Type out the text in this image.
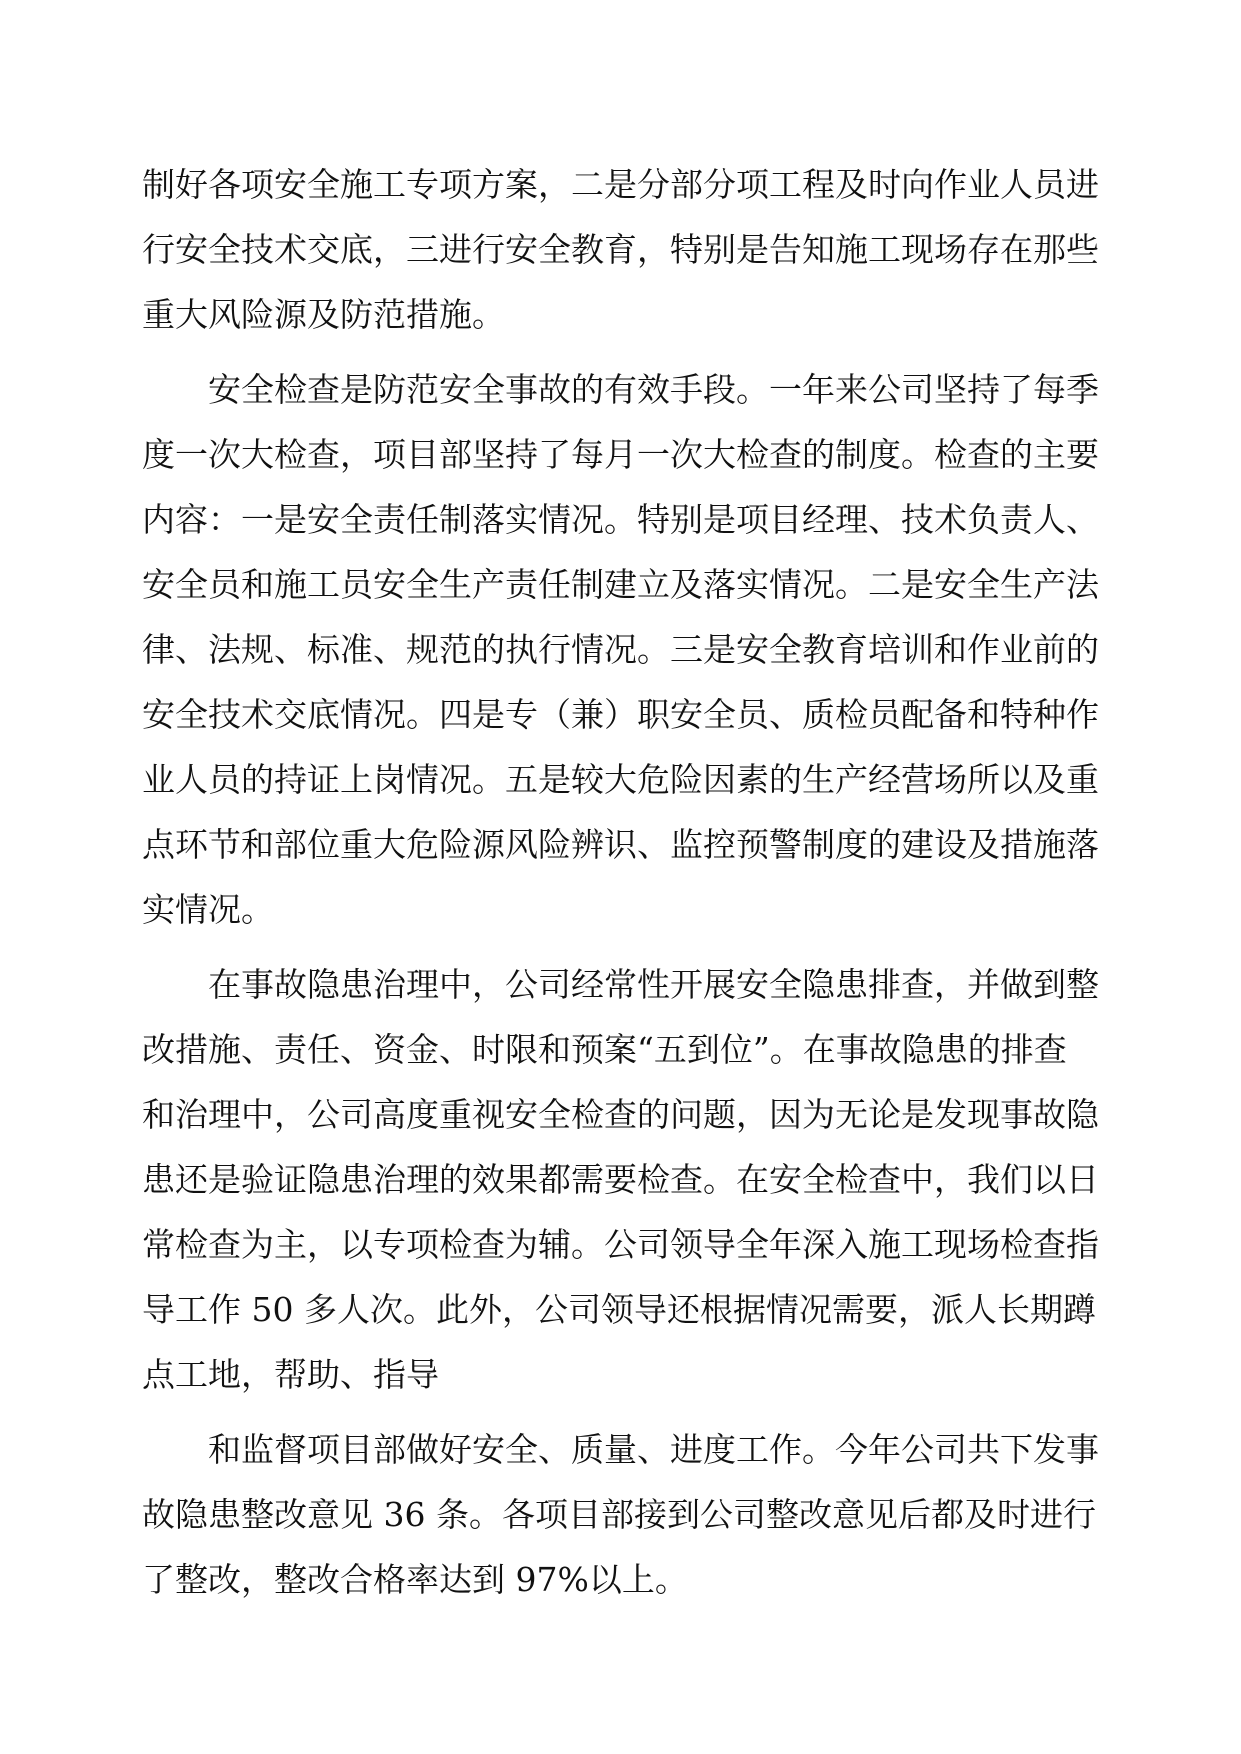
制好各项安全施工专项方案，二是分部分项工程及时向作业人员进
行安全技术交底，三进行安全教育，特别是告知施工现场存在那些
重大风险源及防范措施。
安全检查是防范安全事故的有效手段。一年来公司坚持了每季
度一次大检查，项目部坚持了每月一次大检查的制度。检查的主要
内容：一是安全责任制落实情况。特别是项目经理、技术负责人、
安全员和施工员安全生产责任制建立及落实情况。二是安全生产法
律、法规、标准、规范的执行情况。三是安全教育培训和作业前的
安全技术交底情况。四是专（兼）职安全员、质检员配备和特种作
业人员的持证上岗情况。五是较大危险因素的生产经营场所以及重
点环节和部位重大危险源风险辨识、监控预警制度的建设及措施落
实情况。
在事故隐患治理中，公司经常性开展安全隐患排查，并做到整
改措施、责任、资金、时限和预案“五到位”。在事故隐患的排查
和治理中，公司高度重视安全检查的问题，因为无论是发现事故隐
患还是验证隐患治理的效果都需要检查。在安全检查中，我们以日
常检查为主，以专项检查为辅。公司领导全年深入施工现场检查指
导工作 50 多人次。此外，公司领导还根据情况需要，派人长期蹲
点工地，帮助、指导
和监督项目部做好安全、质量、进度工作。今年公司共下发事
故隐患整改意见 36 条。各项目部接到公司整改意见后都及时进行
了整改，整改合格率达到 97%以上。
